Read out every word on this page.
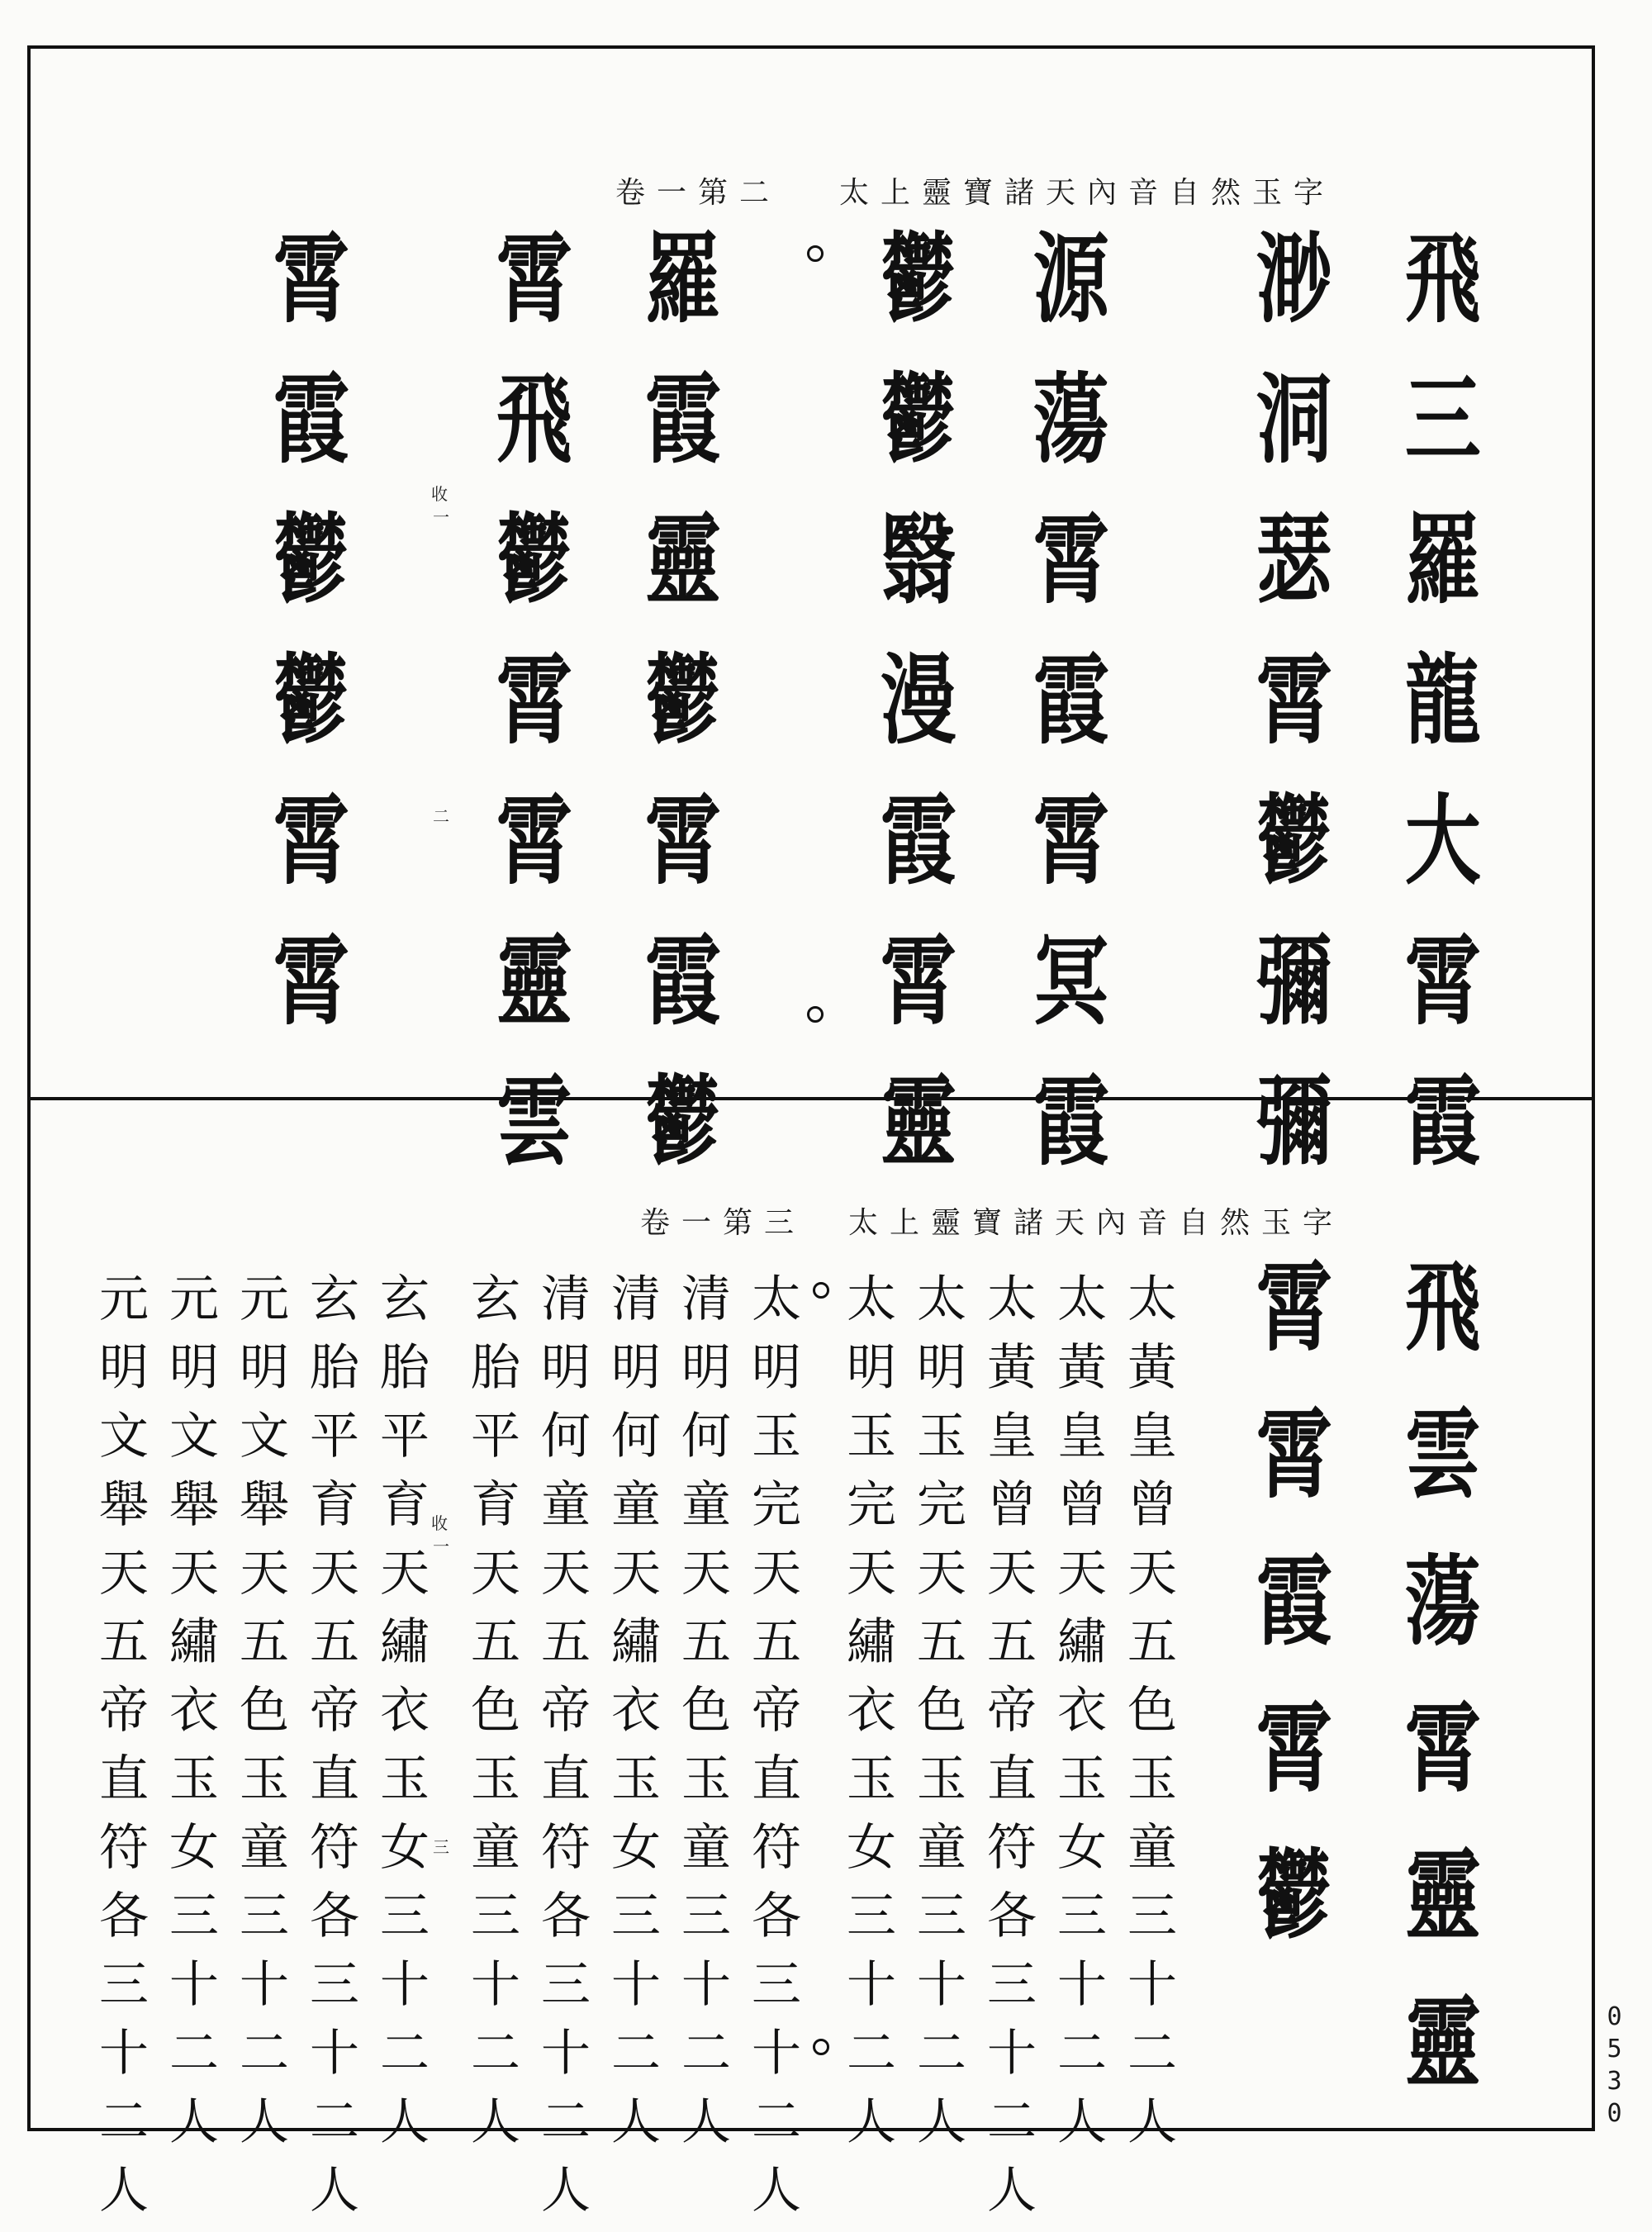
太上靈寶諸天內音自然玉字
卷一第二
飛三羅龍大霄霞
渺洞瑟霄鬱彌彌
源蕩霄霞霄冥霞
鬱鬱翳漫霞霄靈
羅霞靈鬱霄霞鬱
霄飛鬱霄霄靈雲
霄霞鬱鬱霄霄	收
一
二
太上靈寶諸天內音自然玉字
卷一第三
飛雲蕩霄靈靈
霄霄霞霄鬱
太黃皇曾天五色玉童三十二人
太黃皇曾天繡衣玉女三十二人
太黃皇曾天五帝直符各三十二人
太明玉完天五色玉童三十二人
太明玉完天繡衣玉女三十二人
太明玉完天五帝直符各三十二人
清明何童天五色玉童三十二人
清明何童天繡衣玉女三十二人
清明何童天五帝直符各三十二人
玄胎平育天五色玉童三十二人
玄胎平育天繡衣玉女三十二人
玄胎平育天五帝直符各三十二人
元明文舉天五色玉童三十二人
元明文舉天繡衣玉女三十二人
元明文舉天五帝直符各三十二人	收
一
三
0530
